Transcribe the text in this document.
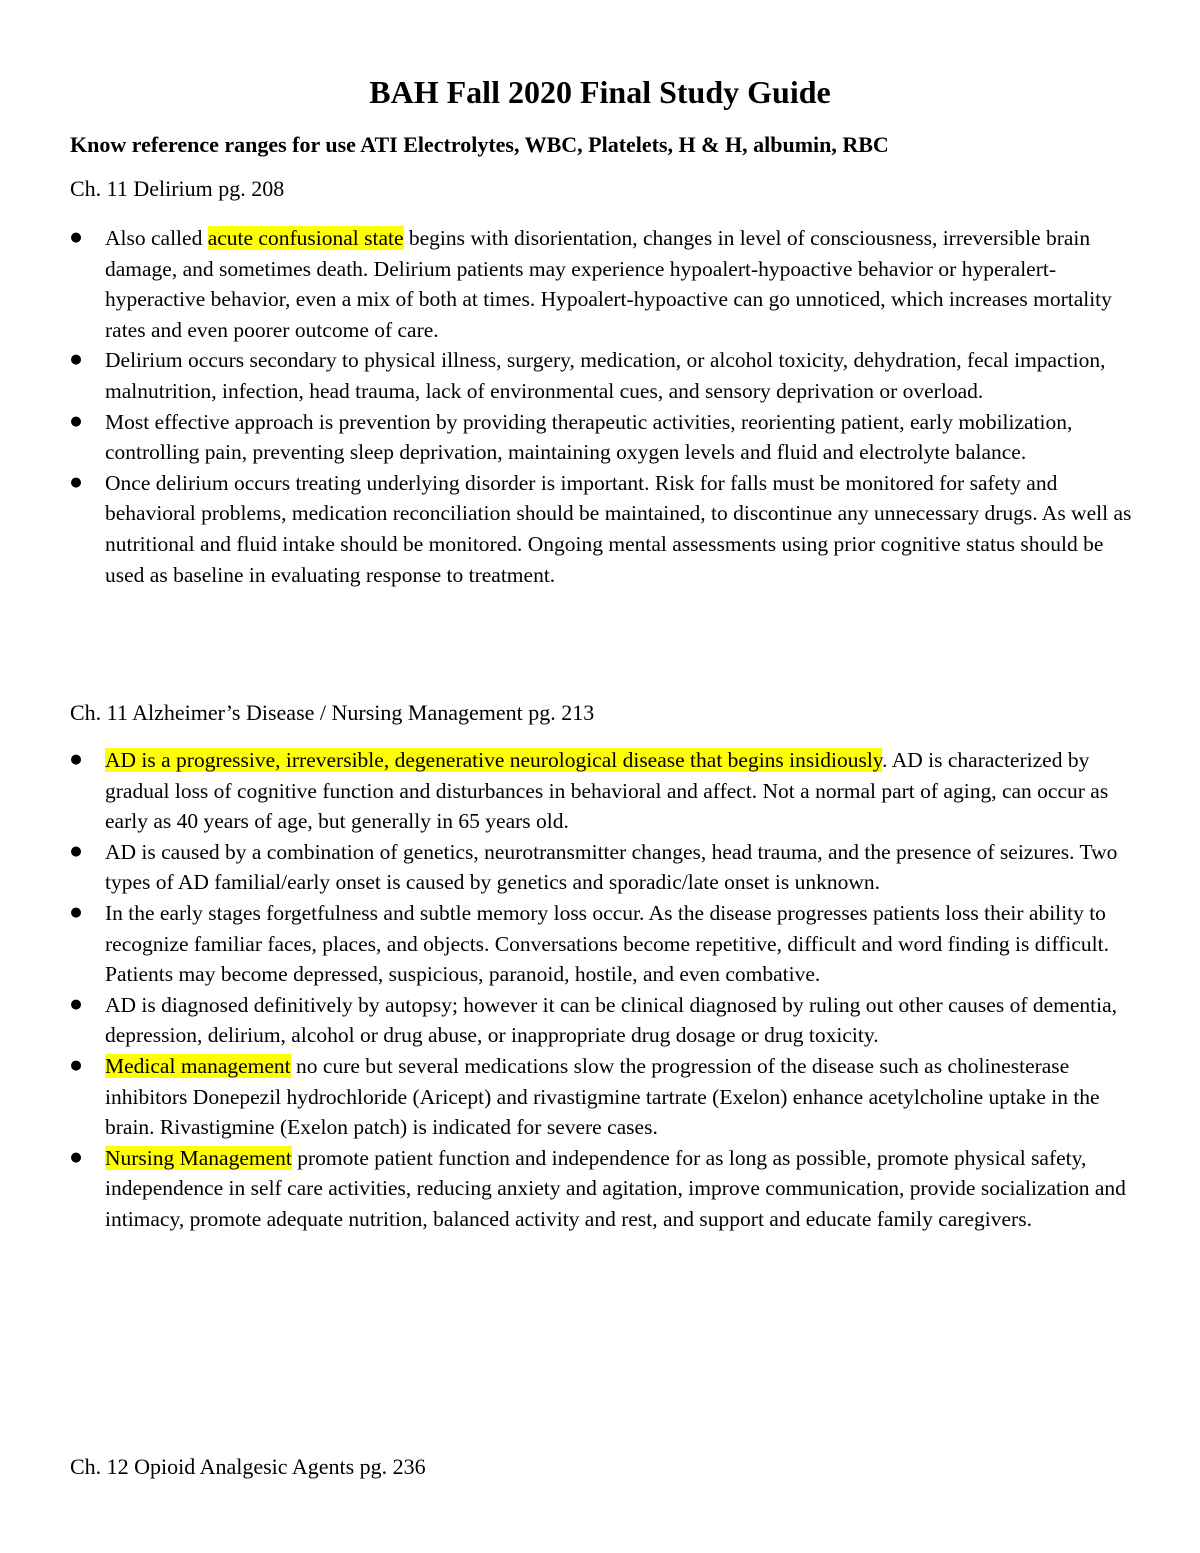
BAH Fall 2020 Final Study Guide
Know reference ranges for use ATI Electrolytes, WBC, Platelets, H & H, albumin, RBC
Ch. 11 Delirium pg. 208
● Also called acute confusional state begins with disorientation, changes in level of consciousness, irreversible brain damage, and sometimes death. Delirium patients may experience hypoalert-hypoactive behavior or hyperalert-hyperactive behavior, even a mix of both at times. Hypoalert-hypoactive can go unnoticed, which increases mortality rates and even poorer outcome of care.
● Delirium occurs secondary to physical illness, surgery, medication, or alcohol toxicity, dehydration, fecal impaction, malnutrition, infection, head trauma, lack of environmental cues, and sensory deprivation or overload.
● Most effective approach is prevention by providing therapeutic activities, reorienting patient, early mobilization, controlling pain, preventing sleep deprivation, maintaining oxygen levels and fluid and electrolyte balance.
● Once delirium occurs treating underlying disorder is important. Risk for falls must be monitored for safety and behavioral problems, medication reconciliation should be maintained, to discontinue any unnecessary drugs. As well as nutritional and fluid intake should be monitored. Ongoing mental assessments using prior cognitive status should be used as baseline in evaluating response to treatment.
Ch. 11 Alzheimer’s Disease / Nursing Management pg. 213
● AD is a progressive, irreversible, degenerative neurological disease that begins insidiously. AD is characterized by gradual loss of cognitive function and disturbances in behavioral and affect. Not a normal part of aging, can occur as early as 40 years of age, but generally in 65 years old.
● AD is caused by a combination of genetics, neurotransmitter changes, head trauma, and the presence of seizures. Two types of AD familial/early onset is caused by genetics and sporadic/late onset is unknown.
● In the early stages forgetfulness and subtle memory loss occur. As the disease progresses patients loss their ability to recognize familiar faces, places, and objects. Conversations become repetitive, difficult and word finding is difficult. Patients may become depressed, suspicious, paranoid, hostile, and even combative.
● AD is diagnosed definitively by autopsy; however it can be clinical diagnosed by ruling out other causes of dementia, depression, delirium, alcohol or drug abuse, or inappropriate drug dosage or drug toxicity.
● Medical management no cure but several medications slow the progression of the disease such as cholinesterase inhibitors Donepezil hydrochloride (Aricept) and rivastigmine tartrate (Exelon) enhance acetylcholine uptake in the brain. Rivastigmine (Exelon patch) is indicated for severe cases.
● Nursing Management promote patient function and independence for as long as possible, promote physical safety, independence in self care activities, reducing anxiety and agitation, improve communication, provide socialization and intimacy, promote adequate nutrition, balanced activity and rest, and support and educate family caregivers.
Ch. 12 Opioid Analgesic Agents pg. 236
